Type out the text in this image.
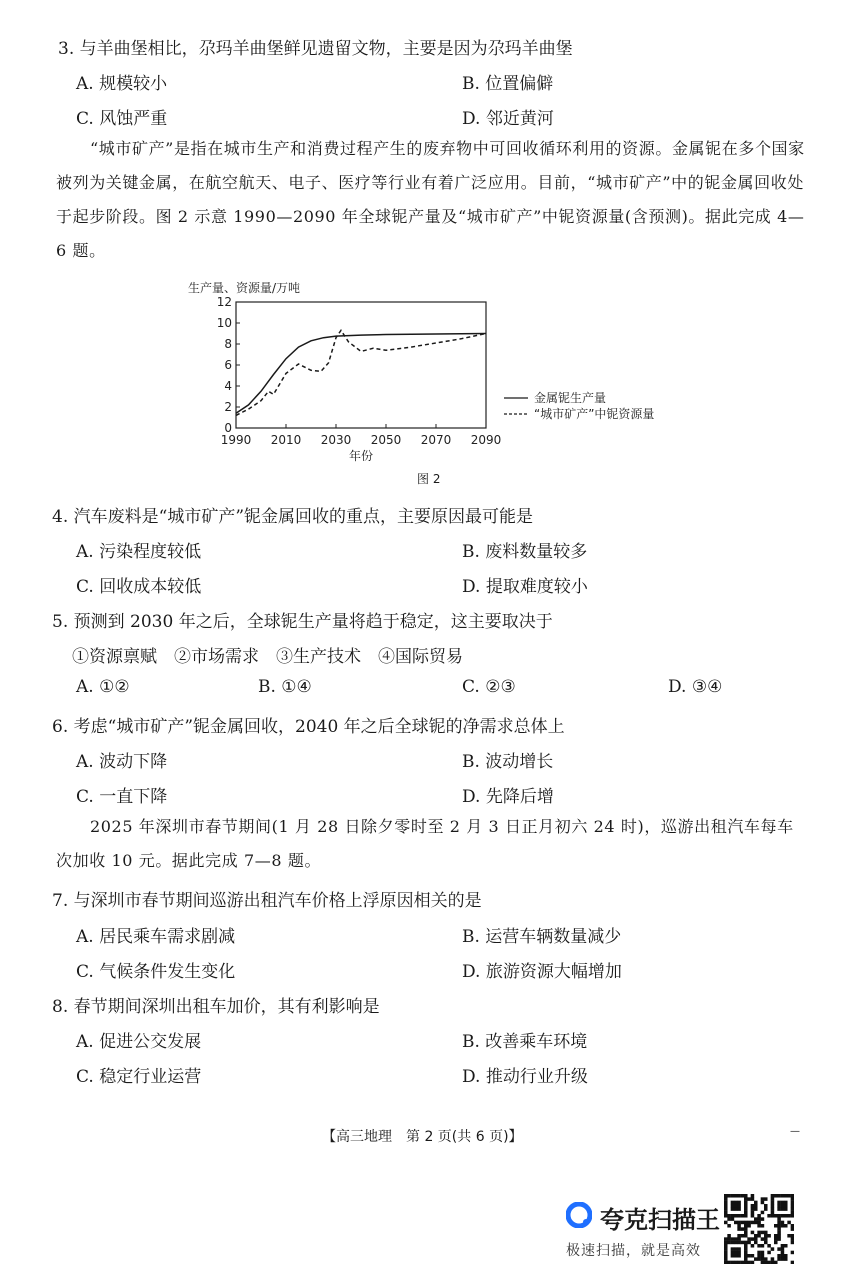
3. 与羊曲堡相比，尕玛羊曲堡鲜见遗留文物，主要是因为尕玛羊曲堡
A. 规模较小	B. 位置偏僻
C. 风蚀严重	D. 邻近黄河

“城市矿产”是指在城市生产和消费过程产生的废弃物中可回收循环利用的资源。金属铌在多个国家被列为关键金属，在航空航天、电子、医疗等行业有着广泛应用。目前，“城市矿产”中的铌金属回收处于起步阶段。图 2 示意 1990—2090 年全球铌产量及“城市矿产”中铌资源量(含预测)。据此完成 4—6 题。

0
2
4
6
8
10
12
1990 2010 2030 2050 2070 2090
生产量、资源量/万吨
年份
金属铌生产量
“城市矿产”中铌资源量
图 2
4. 汽车废料是“城市矿产”铌金属回收的重点，主要原因最可能是
A. 污染程度较低	B. 废料数量较多
C. 回收成本较低	D. 提取难度较小
5. 预测到 2030 年之后，全球铌生产量将趋于稳定，这主要取决于
①资源禀赋　②市场需求　③生产技术　④国际贸易
A. ①②	B. ①④	C. ②③	D. ③④
6. 考虑“城市矿产”铌金属回收，2040 年之后全球铌的净需求总体上
A. 波动下降	B. 波动增长
C. 一直下降	D. 先降后增

2025 年深圳市春节期间(1 月 28 日除夕零时至 2 月 3 日正月初六 24 时)，巡游出租汽车每车次加收 10 元。据此完成 7—8 题。

7. 与深圳市春节期间巡游出租汽车价格上浮原因相关的是
A. 居民乘车需求剧减	B. 运营车辆数量减少
C. 气候条件发生变化	D. 旅游资源大幅增加
8. 春节期间深圳出租车加价，其有利影响是
A. 促进公交发展	B. 改善乘车环境
C. 稳定行业运营	D. 推动行业升级
【高三地理　第 2 页(共 6 页)】	—
夸克扫描王
极速扫描，就是高效
